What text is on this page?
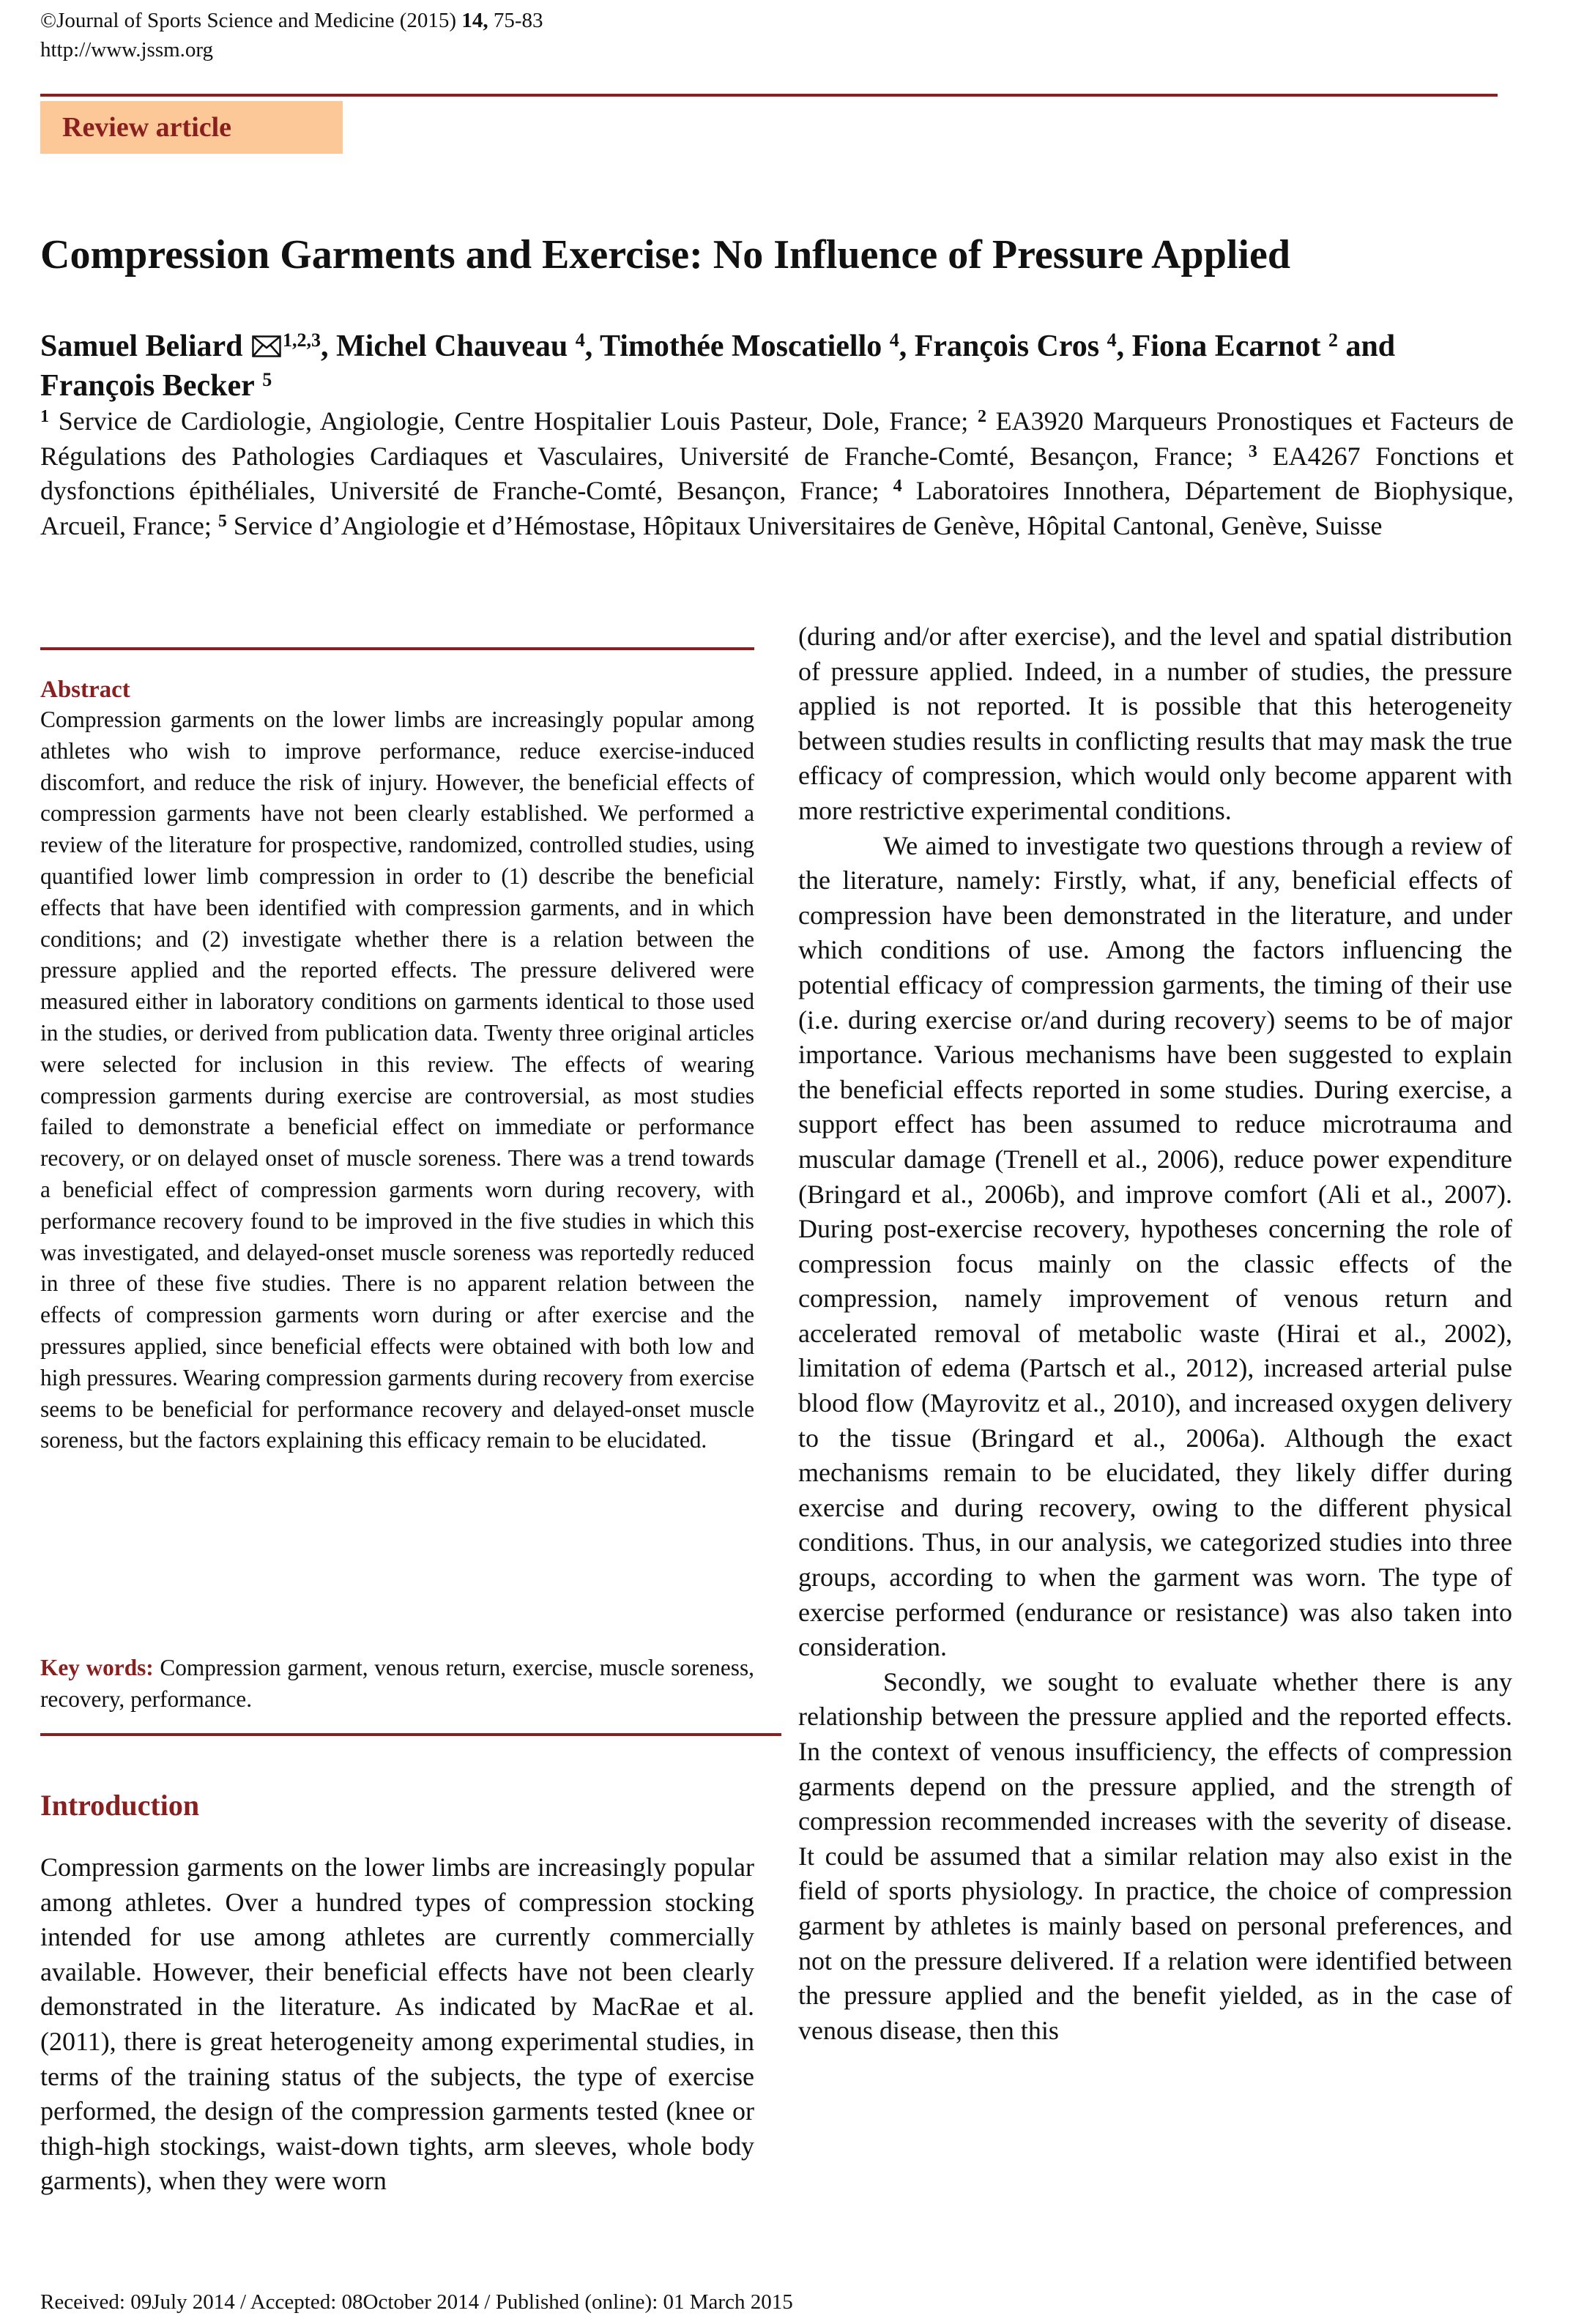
©Journal of Sports Science and Medicine (2015) 14, 75-83
http://www.jssm.org
Review article
Compression Garments and Exercise: No Influence of Pressure Applied
Samuel Beliard $^{1,2,3}$, Michel Chauveau $^4$, Timothée Moscatiello $^4$, François Cros $^4$, Fiona Ecarnot $^2$ and François Becker $^5$
$^1$ Service de Cardiologie, Angiologie, Centre Hospitalier Louis Pasteur, Dole, France; $^2$ EA3920 Marqueurs Pronostiques et Facteurs de Régulations des Pathologies Cardiaques et Vasculaires, Université de Franche-Comté, Besançon, France; $^3$ EA4267 Fonctions et dysfonctions épithéliales, Université de Franche-Comté, Besançon, France; $^4$ Laboratoires Innothera, Département de Biophysique, Arcueil, France; $^5$ Service d’Angiologie et d’Hémostase, Hôpitaux Universitaires de Genève, Hôpital Cantonal, Genève, Suisse
Abstract
Compression garments on the lower limbs are increasingly popular among athletes who wish to improve performance, reduce exercise-induced discomfort, and reduce the risk of injury. However, the beneficial effects of compression garments have not been clearly established. We performed a review of the literature for prospective, randomized, controlled studies, using quantified lower limb compression in order to (1) describe the beneficial effects that have been identified with compression garments, and in which conditions; and (2) investigate whether there is a relation between the pressure applied and the reported effects. The pressure delivered were measured either in laboratory conditions on garments identical to those used in the studies, or derived from publication data. Twenty three original articles were selected for inclusion in this review. The effects of wearing compression garments during exercise are controversial, as most studies failed to demonstrate a beneficial effect on immediate or performance recovery, or on delayed onset of muscle soreness. There was a trend towards a beneficial effect of compression garments worn during recovery, with performance recovery found to be improved in the five studies in which this was investigated, and delayed-onset muscle soreness was reportedly reduced in three of these five studies. There is no apparent relation between the effects of compression garments worn during or after exercise and the pressures applied, since beneficial effects were obtained with both low and high pressures. Wearing compression garments during recovery from exercise seems to be beneficial for performance recovery and delayed-onset muscle soreness, but the factors explaining this efficacy remain to be elucidated.
Key words: Compression garment, venous return, exercise, muscle soreness, recovery, performance.
Introduction

Compression garments on the lower limbs are increasingly popular among athletes. Over a hundred types of compression stocking intended for use among athletes are currently commercially available. However, their beneficial effects have not been clearly demonstrated in the literature. As indicated by MacRae et al. (2011), there is great heterogeneity among experimental studies, in terms of the training status of the subjects, the type of exercise performed, the design of the compression garments tested (knee or thigh-high stockings, waist-down tights, arm sleeves, whole body garments), when they were worn

(during and/or after exercise), and the level and spatial distribution of pressure applied. Indeed, in a number of studies, the pressure applied is not reported. It is possible that this heterogeneity between studies results in conflicting results that may mask the true efficacy of compression, which would only become apparent with more restrictive experimental conditions.

We aimed to investigate two questions through a review of the literature, namely: Firstly, what, if any, beneficial effects of compression have been demonstrated in the literature, and under which conditions of use. Among the factors influencing the potential efficacy of compression garments, the timing of their use (i.e. during exercise or/and during recovery) seems to be of major importance. Various mechanisms have been suggested to explain the beneficial effects reported in some studies. During exercise, a support effect has been assumed to reduce microtrauma and muscular damage (Trenell et al., 2006), reduce power expenditure (Bringard et al., 2006b), and improve comfort (Ali et al., 2007). During post-exercise recovery, hypotheses concerning the role of compression focus mainly on the classic effects of the compression, namely improvement of venous return and accelerated removal of metabolic waste (Hirai et al., 2002), limitation of edema (Partsch et al., 2012), increased arterial pulse blood flow (Mayrovitz et al., 2010), and increased oxygen delivery to the tissue (Bringard et al., 2006a). Although the exact mechanisms remain to be elucidated, they likely differ during exercise and during recovery, owing to the different physical conditions. Thus, in our analysis, we categorized studies into three groups, according to when the garment was worn. The type of exercise performed (endurance or resistance) was also taken into consideration.

Secondly, we sought to evaluate whether there is any relationship between the pressure applied and the reported effects. In the context of venous insufficiency, the effects of compression garments depend on the pressure applied, and the strength of compression recommended increases with the severity of disease. It could be assumed that a similar relation may also exist in the field of sports physiology. In practice, the choice of compression garment by athletes is mainly based on personal preferences, and not on the pressure delivered. If a relation were identified between the pressure applied and the benefit yielded, as in the case of venous disease, then this

Received: 09July 2014 / Accepted: 08October 2014 / Published (online): 01 March 2015
